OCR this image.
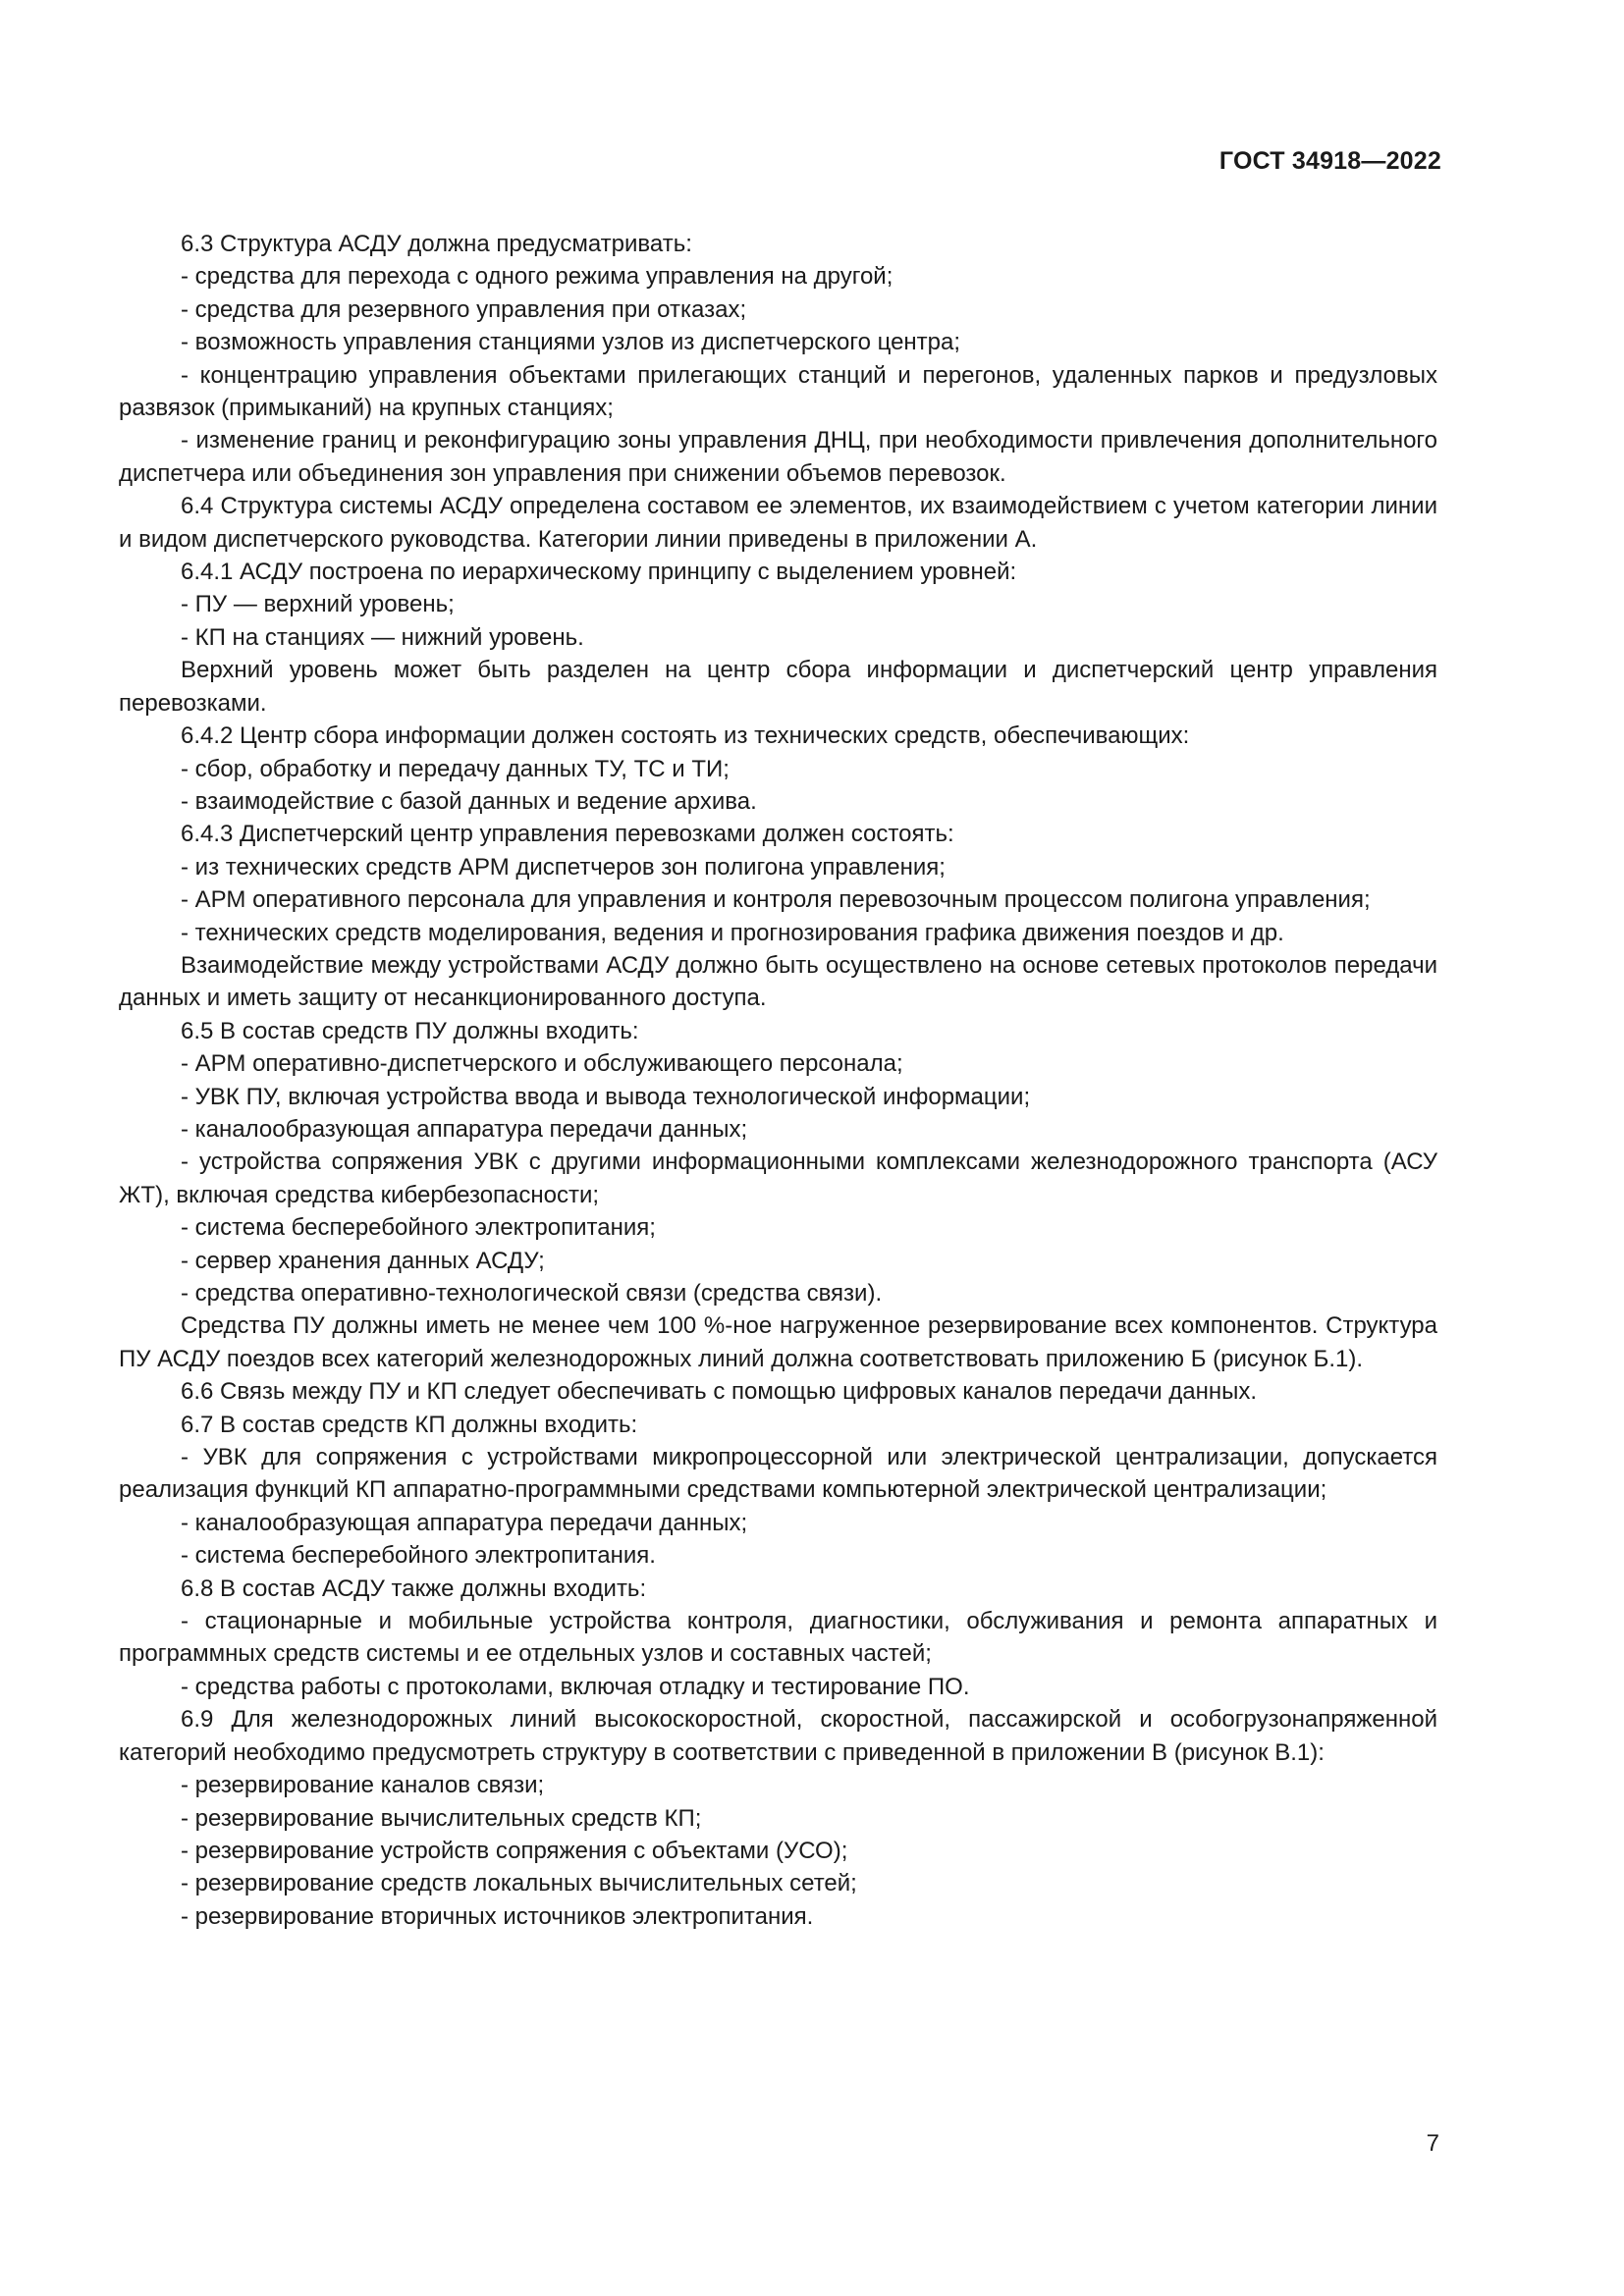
ГОСТ 34918—2022

6.3 Структура АСДУ должна предусматривать:

- средства для перехода с одного режима управления на другой;

- средства для резервного управления при отказах;

- возможность управления станциями узлов из диспетчерского центра;

- концентрацию управления объектами прилегающих станций и перегонов, удаленных парков и предузловых развязок (примыканий) на крупных станциях;

- изменение границ и реконфигурацию зоны управления ДНЦ, при необходимости привлечения дополнительного диспетчера или объединения зон управления при снижении объемов перевозок.

6.4 Структура системы АСДУ определена составом ее элементов, их взаимодействием с учетом категории линии и видом диспетчерского руководства. Категории линии приведены в приложении А.

6.4.1 АСДУ построена по иерархическому принципу с выделением уровней:

- ПУ — верхний уровень;

- КП на станциях — нижний уровень.

Верхний уровень может быть разделен на центр сбора информации и диспетчерский центр управления перевозками.

6.4.2 Центр сбора информации должен состоять из технических средств, обеспечивающих:

- сбор, обработку и передачу данных ТУ, ТС и ТИ;

- взаимодействие с базой данных и ведение архива.

6.4.3 Диспетчерский центр управления перевозками должен состоять:

- из технических средств АРМ диспетчеров зон полигона управления;

- АРМ оперативного персонала для управления и контроля перевозочным процессом полигона управления;

- технических средств моделирования, ведения и прогнозирования графика движения поездов и др.

Взаимодействие между устройствами АСДУ должно быть осуществлено на основе сетевых протоколов передачи данных и иметь защиту от несанкционированного доступа.

6.5 В состав средств ПУ должны входить:

- АРМ оперативно-диспетчерского и обслуживающего персонала;

- УВК ПУ, включая устройства ввода и вывода технологической информации;

- каналообразующая аппаратура передачи данных;

- устройства сопряжения УВК с другими информационными комплексами железнодорожного транспорта (АСУ ЖТ), включая средства кибербезопасности;

- система бесперебойного электропитания;

- сервер хранения данных АСДУ;

- средства оперативно-технологической связи (средства связи).

Средства ПУ должны иметь не менее чем 100 %-ное нагруженное резервирование всех компонентов. Структура ПУ АСДУ поездов всех категорий железнодорожных линий должна соответствовать приложению Б (рисунок Б.1).

6.6 Связь между ПУ и КП следует обеспечивать с помощью цифровых каналов передачи данных.

6.7 В состав средств КП должны входить:

- УВК для сопряжения с устройствами микропроцессорной или электрической централизации, допускается реализация функций КП аппаратно-программными средствами компьютерной электрической централизации;

- каналообразующая аппаратура передачи данных;

- система бесперебойного электропитания.

6.8 В состав АСДУ также должны входить:

- стационарные и мобильные устройства контроля, диагностики, обслуживания и ремонта аппаратных и программных средств системы и ее отдельных узлов и составных частей;

- средства работы с протоколами, включая отладку и тестирование ПО.

6.9 Для железнодорожных линий высокоскоростной, скоростной, пассажирской и особогрузонапряженной категорий необходимо предусмотреть структуру в соответствии с приведенной в приложении В (рисунок В.1):

- резервирование каналов связи;

- резервирование вычислительных средств КП;

- резервирование устройств сопряжения с объектами (УСО);

- резервирование средств локальных вычислительных сетей;

- резервирование вторичных источников электропитания.

7
